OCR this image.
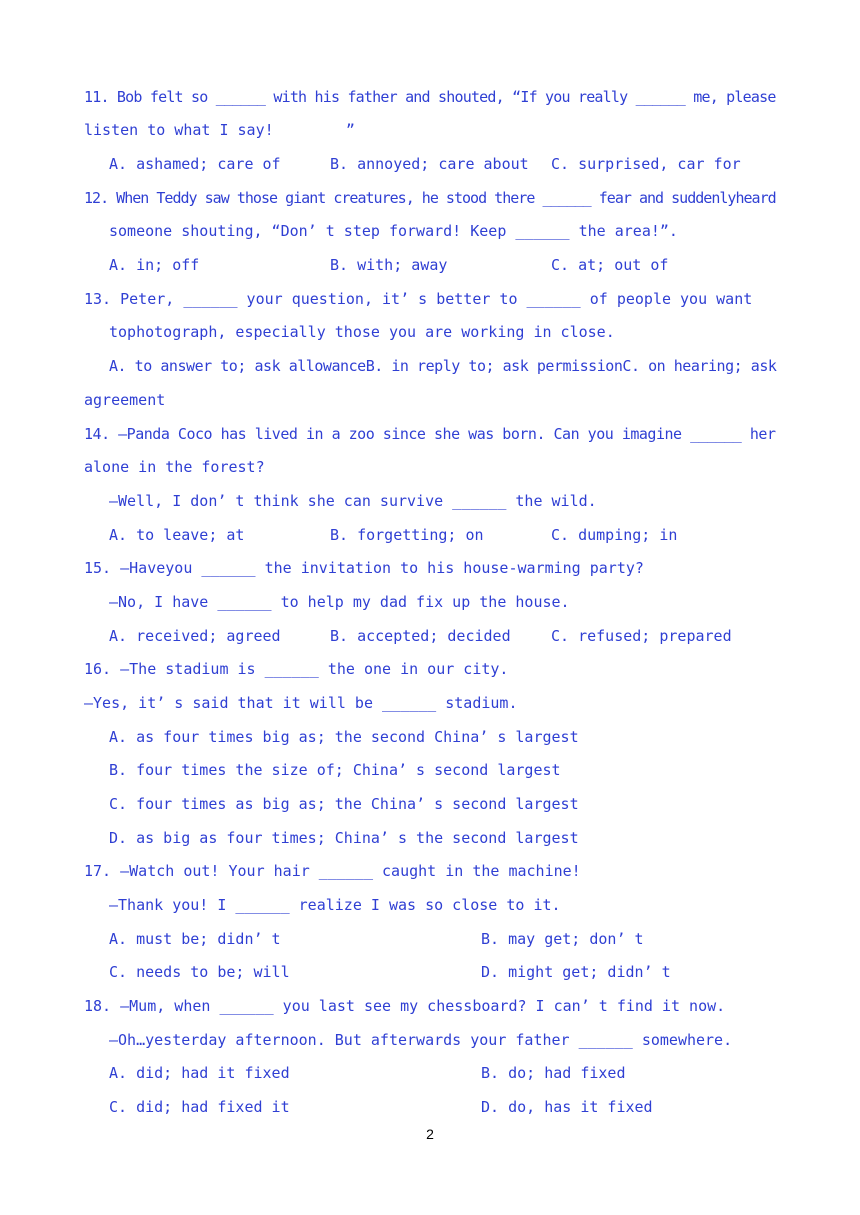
11. Bob felt so ______ with his father and shouted, “If you really ______ me, please
listen to what I say!        ”
A. ashamed; care of	B. annoyed; care about C. surprised, car for
12. When Teddy saw those giant creatures, he stood there ______ fear and suddenlyheard
someone shouting, “Don’ t step forward! Keep ______ the area!”.
A. in; off	B. with; away	C. at; out of
13. Peter, ______ your question, it’ s better to ______ of people you want
tophotograph, especially those you are working in close.
A. to answer to; ask allowanceB. in reply to; ask permissionC. on hearing; ask
agreement
14. —Panda Coco has lived in a zoo since she was born. Can you imagine ______ her
alone in the forest?
—Well, I don’ t think she can survive ______ the wild.
A. to leave; at	B. forgetting; on	C. dumping; in
15. —Haveyou ______ the invitation to his house-warming party?
—No, I have ______ to help my dad fix up the house.
A. received; agreed	B. accepted; decided	C. refused; prepared
16. —The stadium is ______ the one in our city.
—Yes, it’ s said that it will be ______ stadium.
A. as four times big as; the second China’ s largest
B. four times the size of; China’ s second largest
C. four times as big as; the China’ s second largest
D. as big as four times; China’ s the second largest
17. —Watch out! Your hair ______ caught in the machine!
—Thank you! I ______ realize I was so close to it.
A. must be; didn’ t	B. may get; don’ t
C. needs to be; will	D. might get; didn’ t
18. —Mum, when ______ you last see my chessboard? I can’ t find it now.
—Oh…yesterday afternoon. But afterwards your father ______ somewhere.
A. did; had it fixed	B. do; had fixed
C. did; had fixed it	D. do, has it fixed
2
